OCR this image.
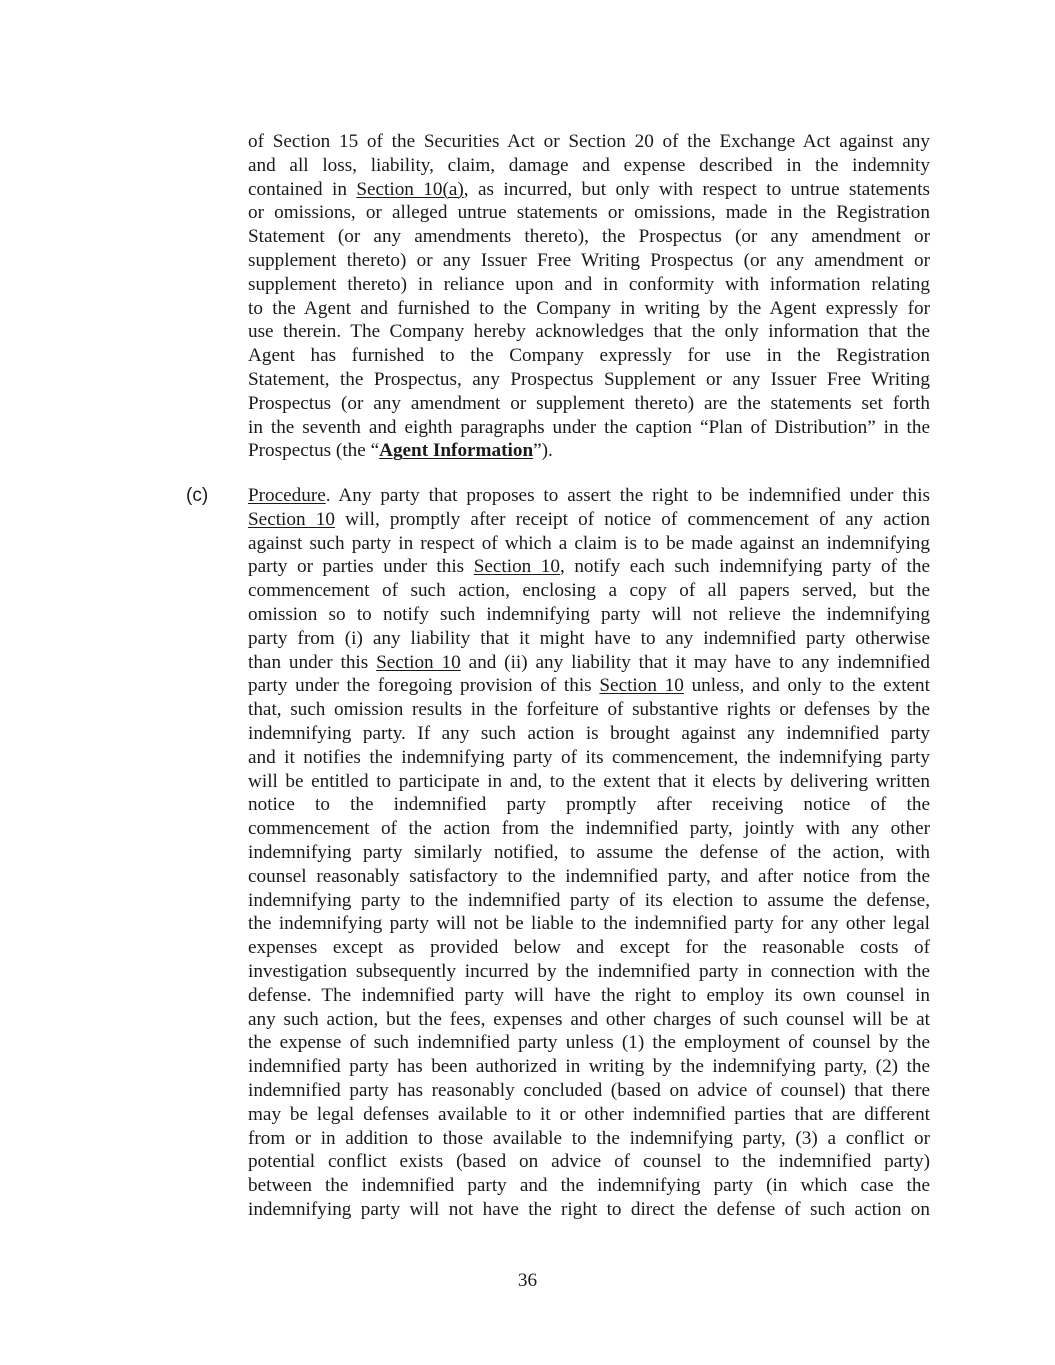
of Section 15 of the Securities Act or Section 20 of the Exchange Act against any
and all loss, liability, claim, damage and expense described in the indemnity
contained in Section 10(a), as incurred, but only with respect to untrue statements
or omissions, or alleged untrue statements or omissions, made in the Registration
Statement (or any amendments thereto), the Prospectus (or any amendment or
supplement thereto) or any Issuer Free Writing Prospectus (or any amendment or
supplement thereto) in reliance upon and in conformity with information relating
to the Agent and furnished to the Company in writing by the Agent expressly for
use therein. The Company hereby acknowledges that the only information that the
Agent has furnished to the Company expressly for use in the Registration
Statement, the Prospectus, any Prospectus Supplement or any Issuer Free Writing
Prospectus (or any amendment or supplement thereto) are the statements set forth
in the seventh and eighth paragraphs under the caption “Plan of Distribution” in the
Prospectus (the “Agent Information”).
(c) Procedure. Any party that proposes to assert the right to be indemnified under this
Section 10 will, promptly after receipt of notice of commencement of any action
against such party in respect of which a claim is to be made against an indemnifying
party or parties under this Section 10, notify each such indemnifying party of the
commencement of such action, enclosing a copy of all papers served, but the
omission so to notify such indemnifying party will not relieve the indemnifying
party from (i) any liability that it might have to any indemnified party otherwise
than under this Section 10 and (ii) any liability that it may have to any indemnified
party under the foregoing provision of this Section 10 unless, and only to the extent
that, such omission results in the forfeiture of substantive rights or defenses by the
indemnifying party. If any such action is brought against any indemnified party
and it notifies the indemnifying party of its commencement, the indemnifying party
will be entitled to participate in and, to the extent that it elects by delivering written
notice to the indemnified party promptly after receiving notice of the
commencement of the action from the indemnified party, jointly with any other
indemnifying party similarly notified, to assume the defense of the action, with
counsel reasonably satisfactory to the indemnified party, and after notice from the
indemnifying party to the indemnified party of its election to assume the defense,
the indemnifying party will not be liable to the indemnified party for any other legal
expenses except as provided below and except for the reasonable costs of
investigation subsequently incurred by the indemnified party in connection with the
defense. The indemnified party will have the right to employ its own counsel in
any such action, but the fees, expenses and other charges of such counsel will be at
the expense of such indemnified party unless (1) the employment of counsel by the
indemnified party has been authorized in writing by the indemnifying party, (2) the
indemnified party has reasonably concluded (based on advice of counsel) that there
may be legal defenses available to it or other indemnified parties that are different
from or in addition to those available to the indemnifying party, (3) a conflict or
potential conflict exists (based on advice of counsel to the indemnified party)
between the indemnified party and the indemnifying party (in which case the
indemnifying party will not have the right to direct the defense of such action on
36
